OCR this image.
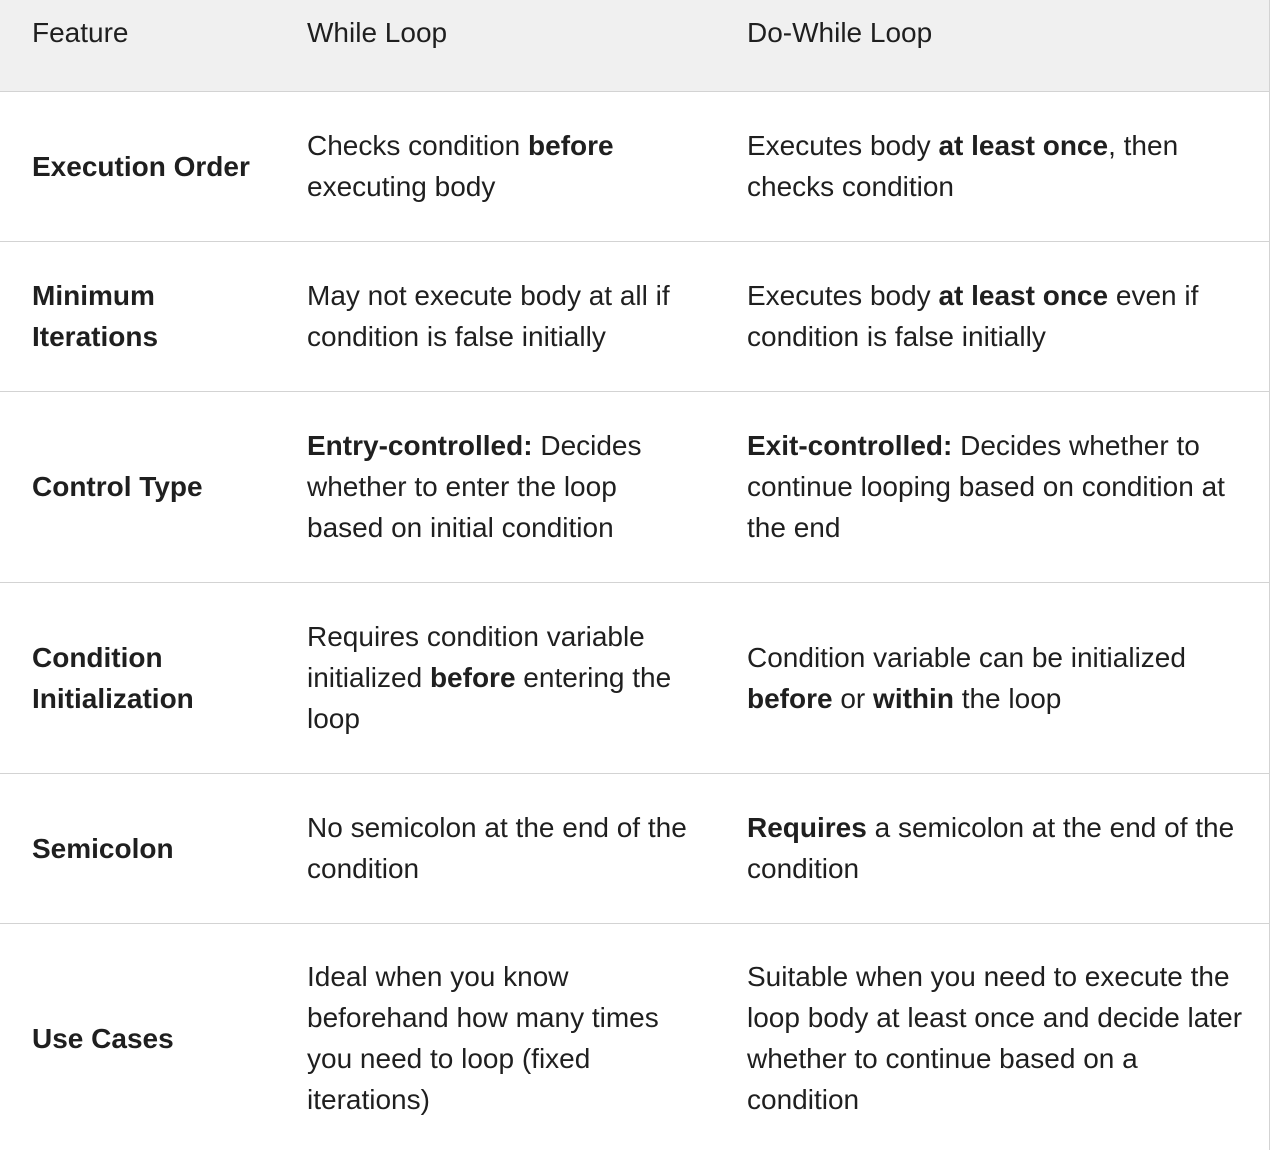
Feature	While Loop	Do-While Loop
Execution Order	Checks condition before executing body	Executes body at least once, then checks condition
Minimum Iterations	May not execute body at all if condition is false initially	Executes body at least once even if condition is false initially
Control Type	Entry-controlled: Decides whether to enter the loop based on initial condition	Exit-controlled: Decides whether to continue looping based on condition at the end
Condition Initialization	Requires condition variable initialized before entering the loop	Condition variable can be initialized before or within the loop
Semicolon	No semicolon at the end of the condition	Requires a semicolon at the end of the condition
Use Cases	Ideal when you know beforehand how many times you need to loop (fixed iterations)	Suitable when you need to execute the loop body at least once and decide later whether to continue based on a condition
